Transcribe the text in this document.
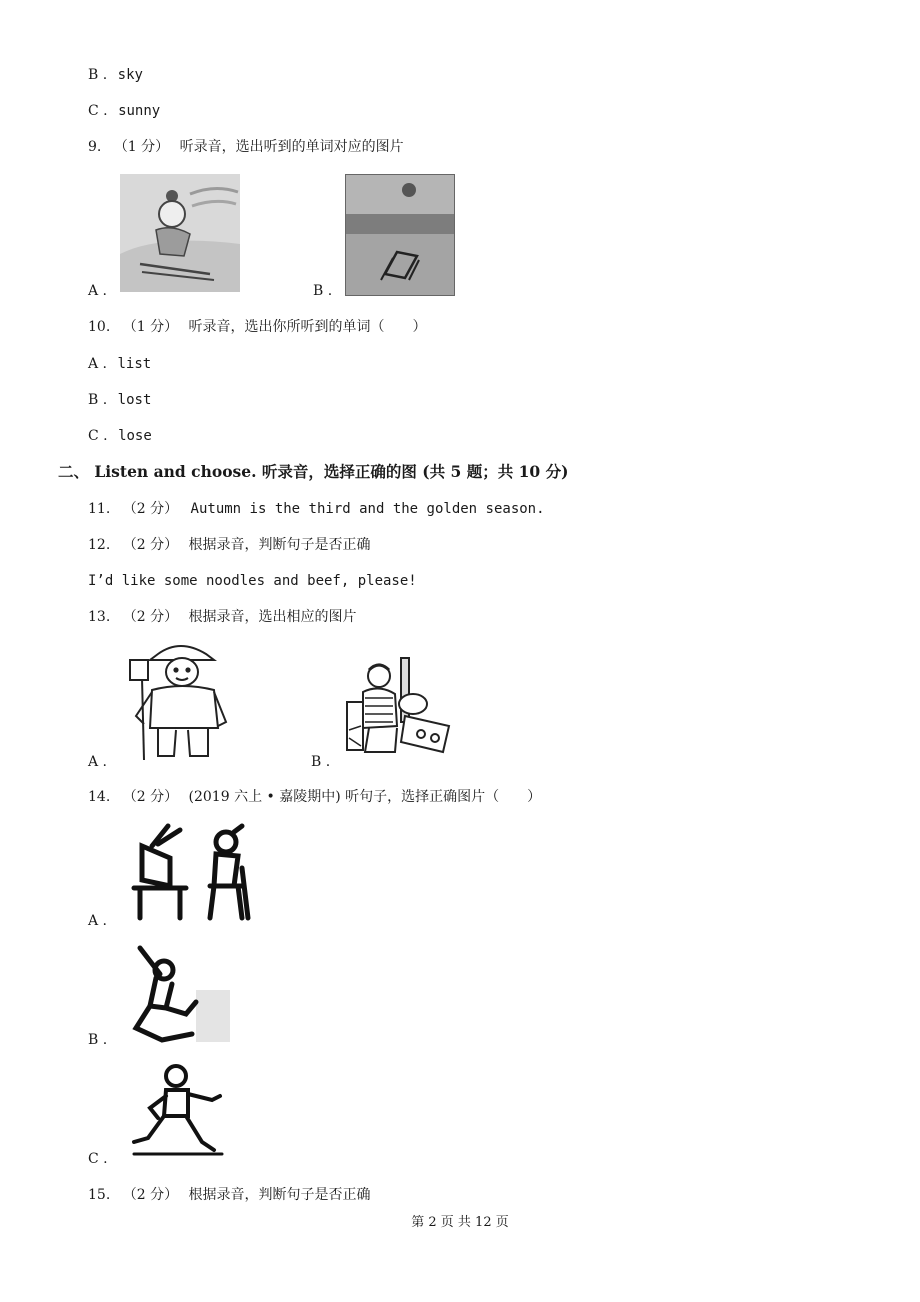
B . sky
C . sunny
9. （1 分） 听录音，选出听到的单词对应的图片
A .	B .
10. （1 分） 听录音，选出你所听到的单词（　　）
A . list
B . lost
C . lose
二、 Listen and choose. 听录音，选择正确的图 (共 5 题；共 10 分)
11. （2 分） Autumn is the third and the golden season.
12. （2 分） 根据录音，判断句子是否正确
I’d like some noodles and beef, please!
13. （2 分） 根据录音，选出相应的图片
A .	B .
14. （2 分） (2019 六上 • 嘉陵期中) 听句子，选择正确图片（　　）
A .
B .
C .
15. （2 分） 根据录音，判断句子是否正确
第 2 页 共 12 页
